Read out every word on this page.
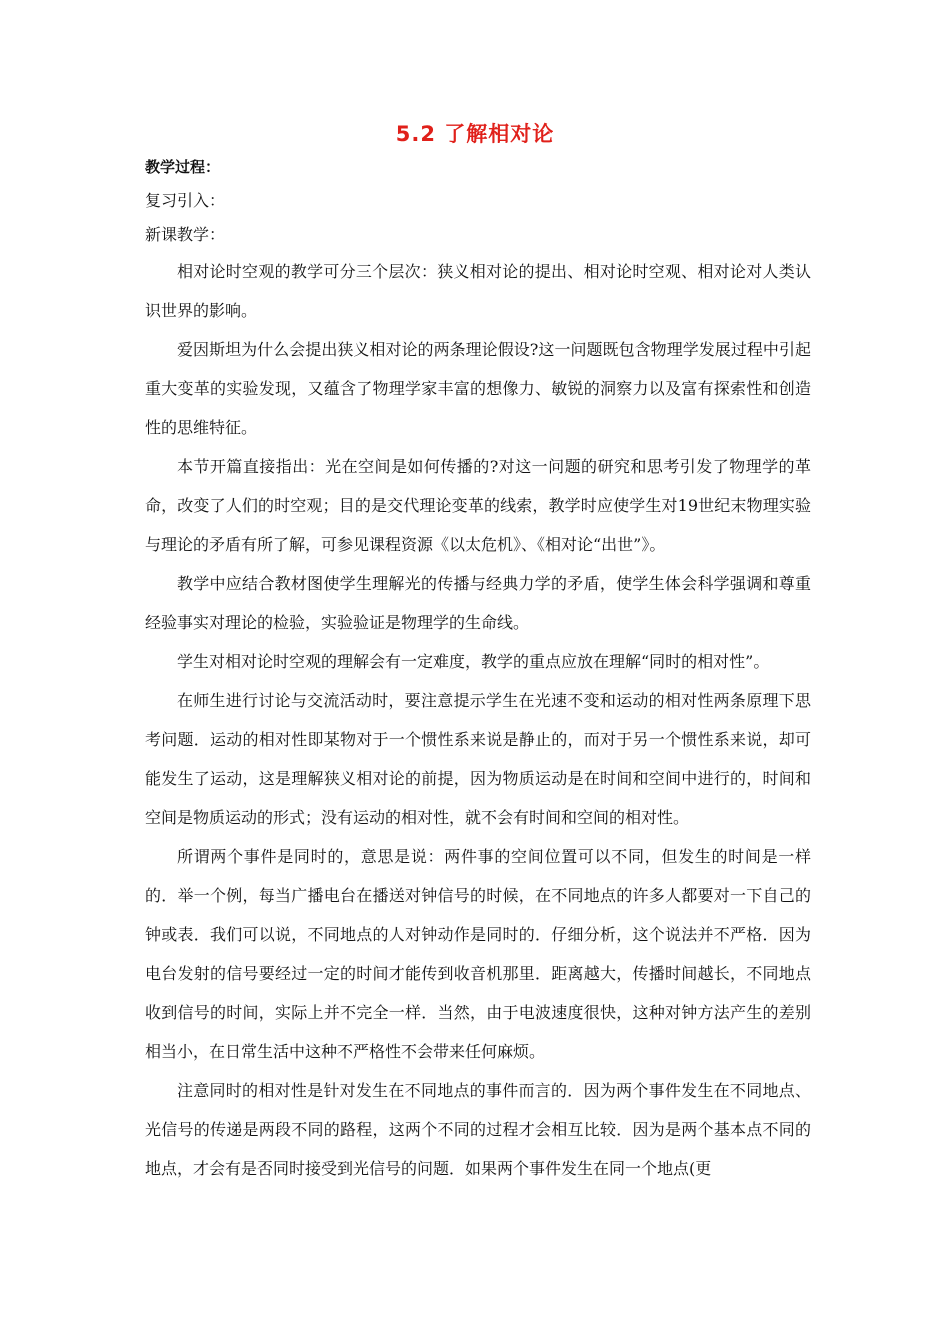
5.2 了解相对论

教学过程：

复习引入：

新课教学：

相对论时空观的教学可分三个层次：狭义相对论的提出、相对论时空观、相对论对人类认识世界的影响。

爱因斯坦为什么会提出狭义相对论的两条理论假设?这一问题既包含物理学发展过程中引起重大变革的实验发现，又蕴含了物理学家丰富的想像力、敏锐的洞察力以及富有探索性和创造性的思维特征。

本节开篇直接指出：光在空间是如何传播的?对这一问题的研究和思考引发了物理学的革命，改变了人们的时空观；目的是交代理论变革的线索，教学时应使学生对19世纪末物理实验与理论的矛盾有所了解，可参见课程资源《以太危机》、《相对论“出世”》。

教学中应结合教材图使学生理解光的传播与经典力学的矛盾，使学生体会科学强调和尊重经验事实对理论的检验，实验验证是物理学的生命线。

学生对相对论时空观的理解会有一定难度，教学的重点应放在理解“同时的相对性”。

在师生进行讨论与交流活动时，要注意提示学生在光速不变和运动的相对性两条原理下思考问题．运动的相对性即某物对于一个惯性系来说是静止的，而对于另一个惯性系来说，却可能发生了运动，这是理解狭义相对论的前提，因为物质运动是在时间和空间中进行的，时间和空间是物质运动的形式；没有运动的相对性，就不会有时间和空间的相对性。

所谓两个事件是同时的，意思是说：两件事的空间位置可以不同，但发生的时间是一样的．举一个例，每当广播电台在播送对钟信号的时候，在不同地点的许多人都要对一下自己的钟或表．我们可以说，不同地点的人对钟动作是同时的．仔细分析，这个说法并不严格．因为电台发射的信号要经过一定的时间才能传到收音机那里．距离越大，传播时间越长，不同地点收到信号的时间，实际上并不完全一样．当然，由于电波速度很快，这种对钟方法产生的差别相当小，在日常生活中这种不严格性不会带来任何麻烦。

注意同时的相对性是针对发生在不同地点的事件而言的．因为两个事件发生在不同地点、光信号的传递是两段不同的路程，这两个不同的过程才会相互比较．因为是两个基本点不同的地点，才会有是否同时接受到光信号的问题．如果两个事件发生在同一个地点(更
